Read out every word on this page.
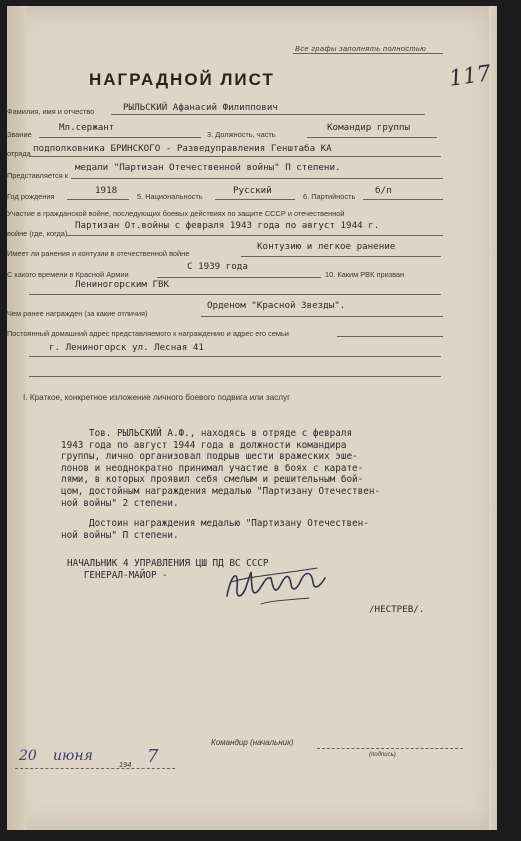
Все графы заполнять полностью
117
НАГРАДНОЙ ЛИСТ
Фамилия, имя и отчество	РЫЛЬСКИЙ Афанасий Филиппович
Звание
Мл.сержант
3. Должность, часть
Командир группы
отряда подполковника БРИНСКОГО - Разведуправления Генштаба КА
Представляется к
медали "Партизан Отечественной войны" П степени.
Год рождения
1918
5. Национальность
Русский
6. Партийность
б/п
Участие в гражданской войне, последующих боевых действиях по защите СССР и отечественной
войне (где, когда)
Партизан От.войны с февраля 1943 года по август 1944 г.
Имеет ли ранения и контузии в отечественной войне
Контузию и легкое ранение
С какого времени в Красной Армии
С 1939 года
10. Каким РВК призван
Лениногорским ГВК
Чем ранее награжден (за какие отличия)
Орденом "Красной Звезды".
Постоянный домашний адрес представляемого к награждению и адрес его семьи
г. Лениногорск ул. Лесная 41
I. Краткое, конкретное изложение личного боевого подвига или заслуг
Тов. РЫЛЬСКИЙ А.Ф., находясь в отряде с февраля
1943 года по август 1944 года в должности командира
группы, лично организовал подрыв шести вражеских эше-
лонов и неоднократно принимал участие в боях с карате-
лями, в которых проявил себя смелым и решительным бой-
цом, достойным награждения медалью "Партизану Отечествен-
ной войны" 2 степени.
Достоин награждения медалью "Партизану Отечествен-
ной войны" П степени.
НАЧАЛЬНИК 4 УПРАВЛЕНИЯ ЦШ ПД ВС СССР
ГЕНЕРАЛ-МАЙОР -
/НЕСТРЕВ/.
20 июня
194 7
Командир (начальник)
(подпись)
